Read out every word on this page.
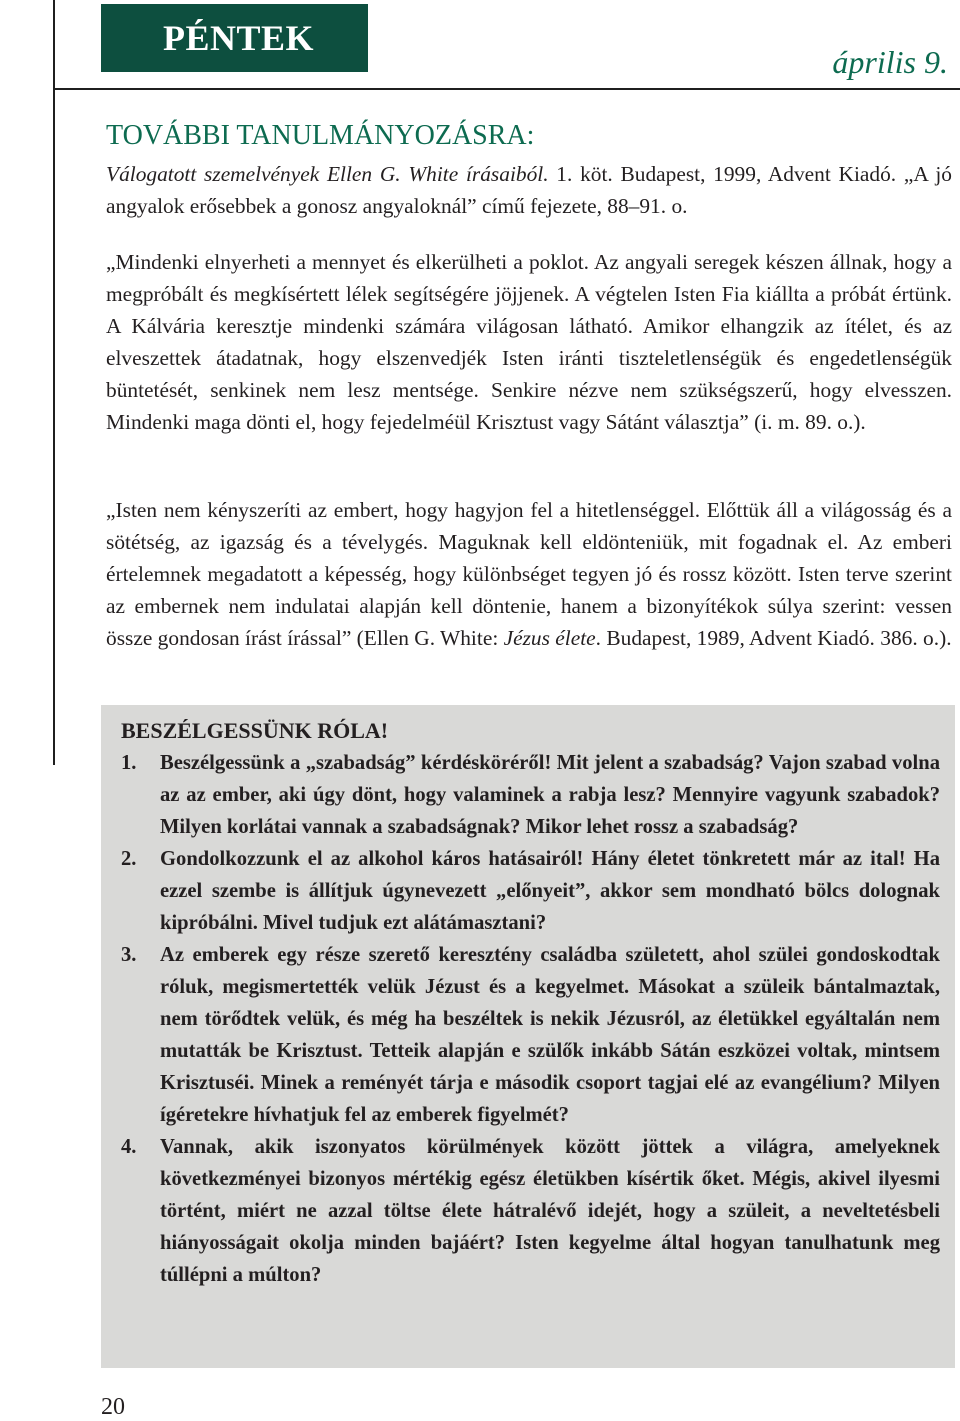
PÉNTEK
április 9.
TOVÁBBI TANULMÁNYOZÁSRA:
Válogatott szemelvények Ellen G. White írásaiból. 1. köt. Budapest, 1999, Advent Kiadó. „A jó angyalok erősebbek a gonosz angyaloknál” című fejezete, 88–91. o.
„Mindenki elnyerheti a mennyet és elkerülheti a poklot. Az angyali seregek készen állnak, hogy a megpróbált és megkísértett lélek segítségére jöjjenek. A végtelen Isten Fia kiállta a próbát értünk. A Kálvária keresztje mindenki számára világosan látható. Amikor elhangzik az ítélet, és az elveszettek átadatnak, hogy elszenvedjék Isten iránti tiszteletlenségük és engedetlenségük büntetését, senkinek nem lesz mentsége. Senkire nézve nem szükségszerű, hogy elvesszen. Mindenki maga dönti el, hogy fejedelméül Krisztust vagy Sátánt választja” (i. m. 89. o.).
„Isten nem kényszeríti az embert, hogy hagyjon fel a hitetlenséggel. Előttük áll a világosság és a sötétség, az igazság és a tévelygés. Maguknak kell eldönteniük, mit fogadnak el. Az emberi értelemnek megadatott a képesség, hogy különbséget tegyen jó és rossz között. Isten terve szerint az embernek nem indulatai alapján kell döntenie, hanem a bizonyítékok súlya szerint: vessen össze gondosan írást írással” (Ellen G. White: Jézus élete. Budapest, 1989, Advent Kiadó. 386. o.).
BESZÉLGESSÜNK RÓLA!
1. Beszélgessünk a „szabadság” kérdésköréről! Mit jelent a szabadság? Vajon szabad volna az az ember, aki úgy dönt, hogy valaminek a rabja lesz? Mennyire vagyunk szabadok? Milyen korlátai vannak a szabadságnak? Mikor lehet rossz a szabadság?
2. Gondolkozzunk el az alkohol káros hatásairól! Hány életet tönkretett már az ital! Ha ezzel szembe is állítjuk úgynevezett „előnyeit”, akkor sem mondható bölcs dolognak kipróbálni. Mivel tudjuk ezt alátámasztani?
3. Az emberek egy része szerető keresztény családba született, ahol szülei gondoskodtak róluk, megismertették velük Jézust és a kegyelmet. Másokat a szüleik bántalmaztak, nem törődtek velük, és még ha beszéltek is nekik Jézusról, az életükkel egyáltalán nem mutatták be Krisztust. Tetteik alapján e szülők inkább Sátán eszközei voltak, mintsem Krisztuséi. Minek a reményét tárja e második csoport tagjai elé az evangélium? Milyen ígéretekre hívhatjuk fel az emberek figyelmét?
4. Vannak, akik iszonyatos körülmények között jöttek a világra, amelyeknek következményei bizonyos mértékig egész életükben kísértik őket. Mégis, akivel ilyesmi történt, miért ne azzal töltse élete hátralévő idejét, hogy a szüleit, a neveltetésbeli hiányosságait okolja minden bajáért? Isten kegyelme által hogyan tanulhatunk meg túllépni a múlton?
20
